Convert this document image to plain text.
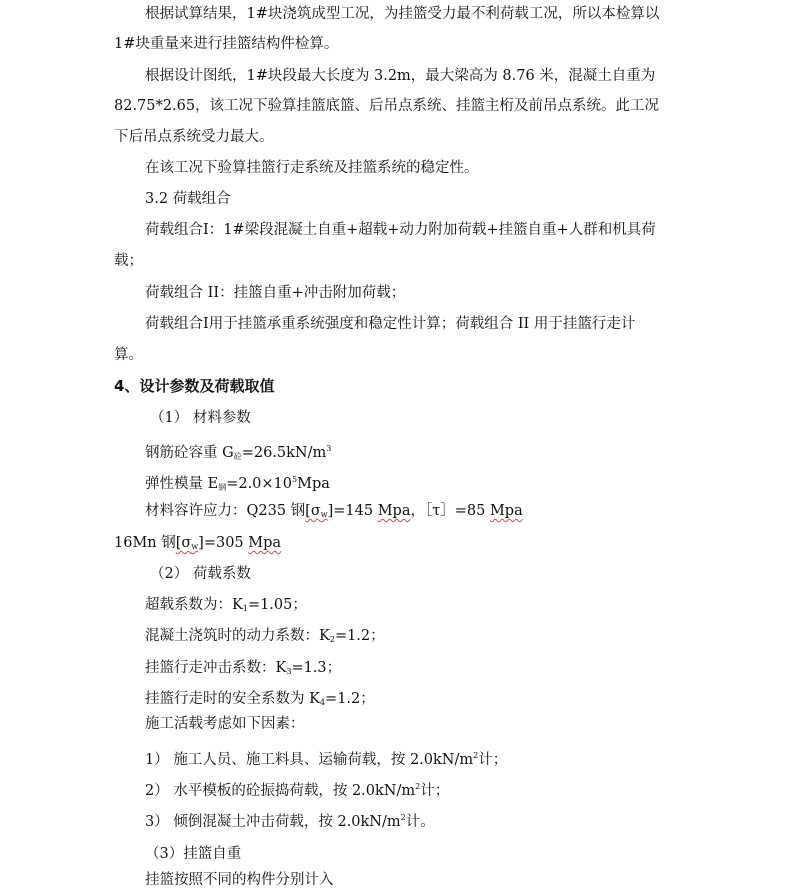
根据试算结果，1#块浇筑成型工况，为挂篮受力最不利荷载工况，所以本检算以
1#块重量来进行挂篮结构件检算。
根据设计图纸，1#块段最大长度为 3.2m，最大梁高为 8.76 米，混凝土自重为
82.75*2.65，该工况下验算挂篮底篮、后吊点系统、挂篮主桁及前吊点系统。此工况
下后吊点系统受力最大。
在该工况下验算挂篮行走系统及挂篮系统的稳定性。
3.2 荷载组合
荷载组合Ⅰ：1#梁段混凝土自重+超载+动力附加荷载+挂篮自重+人群和机具荷
载；
荷载组合 II：挂篮自重+冲击附加荷载；
荷载组合Ⅰ用于挂篮承重系统强度和稳定性计算；荷载组合 II 用于挂篮行走计
算。
4、设计参数及荷载取值
（1） 材料参数
钢筋砼容重 $G_砼=26.5kN/m^3$
弹性模量 $E_钢=2.0\times 10^5Mpa$
材料容许应力：Q235 钢$[\sigma_w]=145$ Mpa，［τ］=85 Mpa
16Mn 钢$[\sigma_w]=305$ Mpa
（2） 荷载系数
超载系数为：$K_1=1.05$；
混凝土浇筑时的动力系数：$K_2=1.2$；
挂篮行走冲击系数：$K_3=1.3$；
挂篮行走时的安全系数为 $K_4=1.2$；
施工活载考虑如下因素：
1） 施工人员、施工料具、运输荷载，按 $2.0kN/m^2$计；
2） 水平模板的砼振捣荷载，按 $2.0kN/m^2$计；
3） 倾倒混凝土冲击荷载，按 $2.0kN/m^2$计。
（3）挂篮自重
挂篮按照不同的构件分别计入
